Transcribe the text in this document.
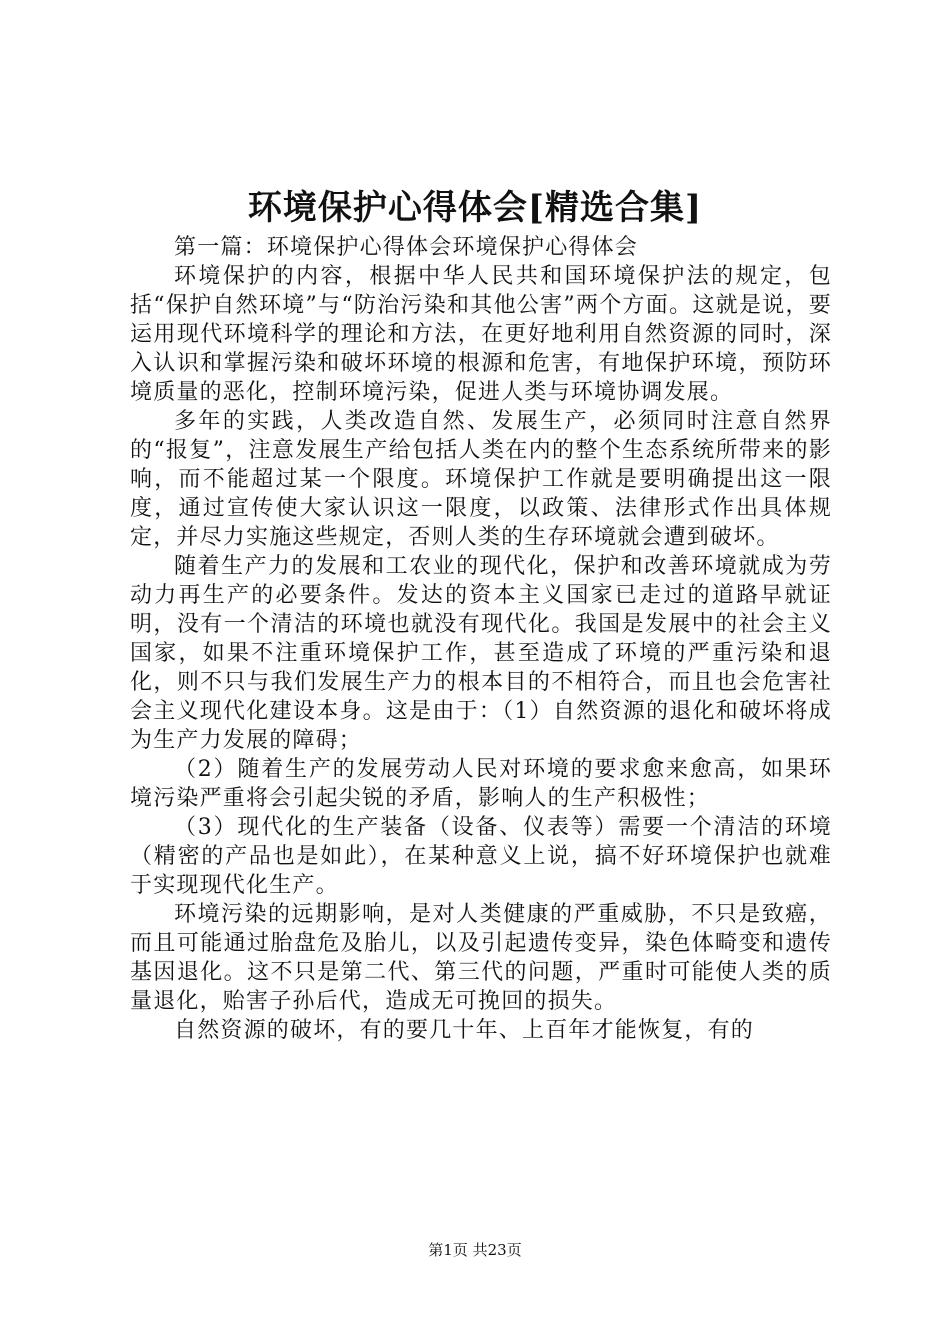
环境保护心得体会[精选合集]

第一篇：环境保护心得体会环境保护心得体会

环境保护的内容，根据中华人民共和国环境保护法的规定，包括“保护自然环境”与“防治污染和其他公害”两个方面。这就是说，要运用现代环境科学的理论和方法，在更好地利用自然资源的同时，深入认识和掌握污染和破坏环境的根源和危害，有地保护环境，预防环境质量的恶化，控制环境污染，促进人类与环境协调发展。

多年的实践，人类改造自然、发展生产，必须同时注意自然界的“报复”，注意发展生产给包括人类在内的整个生态系统所带来的影响，而不能超过某一个限度。环境保护工作就是要明确提出这一限度，通过宣传使大家认识这一限度，以政策、法律形式作出具体规定，并尽力实施这些规定，否则人类的生存环境就会遭到破坏。

随着生产力的发展和工农业的现代化，保护和改善环境就成为劳动力再生产的必要条件。发达的资本主义国家已走过的道路早就证明，没有一个清洁的环境也就没有现代化。我国是发展中的社会主义国家，如果不注重环境保护工作，甚至造成了环境的严重污染和退化，则不只与我们发展生产力的根本目的不相符合，而且也会危害社会主义现代化建设本身。这是由于：（1）自然资源的退化和破坏将成为生产力发展的障碍；

（2）随着生产的发展劳动人民对环境的要求愈来愈高，如果环境污染严重将会引起尖锐的矛盾，影响人的生产积极性；

（3）现代化的生产装备（设备、仪表等）需要一个清洁的环境（精密的产品也是如此），在某种意义上说，搞不好环境保护也就难于实现现代化生产。

环境污染的远期影响，是对人类健康的严重威胁，不只是致癌，而且可能通过胎盘危及胎儿，以及引起遗传变异，染色体畸变和遗传基因退化。这不只是第二代、第三代的问题，严重时可能使人类的质量退化，贻害子孙后代，造成无可挽回的损失。

自然资源的破坏，有的要几十年、上百年才能恢复，有的

第1页 共23页
